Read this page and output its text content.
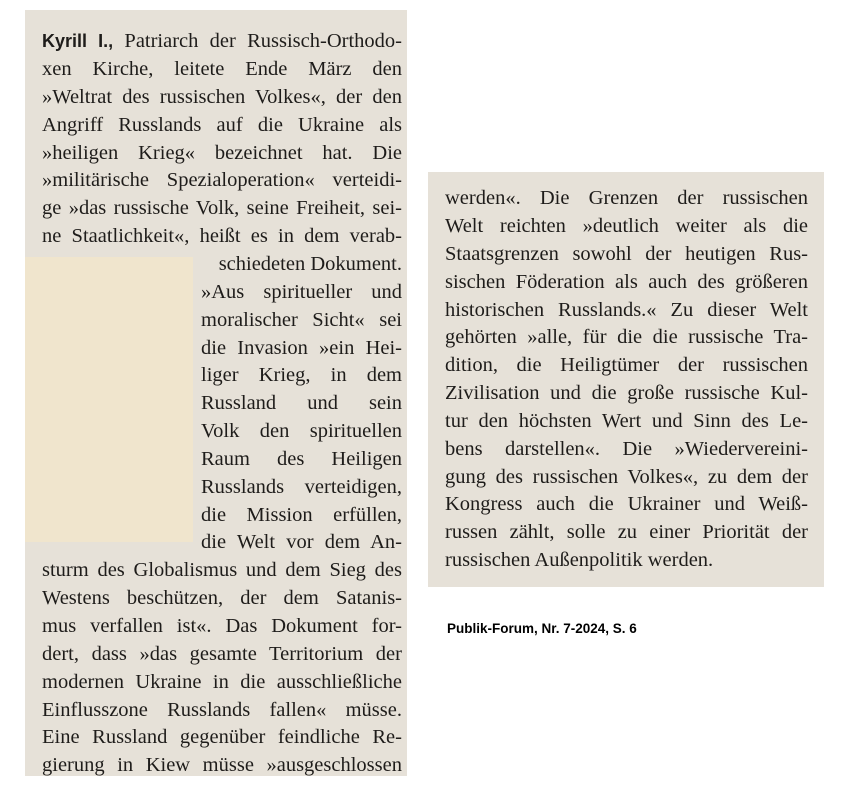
Kyrill I., Patriarch der Russisch-Orthodo-
xen Kirche, leitete Ende März den
»Weltrat des russischen Volkes«, der den
Angriff Russlands auf die Ukraine als
»heiligen Krieg« bezeichnet hat. Die
»militärische Spezialoperation« verteidi-
ge »das russische Volk, seine Freiheit, sei-
ne Staatlichkeit«, heißt es in dem verab-
schiedeten Dokument.
»Aus spiritueller und
moralischer Sicht« sei
die Invasion »ein Hei-
liger Krieg, in dem
Russland und sein
Volk den spirituellen
Raum des Heiligen
Russlands verteidigen,
die Mission erfüllen,
die Welt vor dem An-
sturm des Globalismus und dem Sieg des
Westens beschützen, der dem Satanis-
mus verfallen ist«. Das Dokument for-
dert, dass »das gesamte Territorium der
modernen Ukraine in die ausschließliche
Einflusszone Russlands fallen« müsse.
Eine Russland gegenüber feindliche Re-
gierung in Kiew müsse »ausgeschlossen
werden«. Die Grenzen der russischen
Welt reichten »deutlich weiter als die
Staatsgrenzen sowohl der heutigen Rus-
sischen Föderation als auch des größeren
historischen Russlands.« Zu dieser Welt
gehörten »alle, für die die russische Tra-
dition, die Heiligtümer der russischen
Zivilisation und die große russische Kul-
tur den höchsten Wert und Sinn des Le-
bens darstellen«. Die »Wiedervereini-
gung des russischen Volkes«, zu dem der
Kongress auch die Ukrainer und Weiß-
russen zählt, solle zu einer Priorität der
russischen Außenpolitik werden.
Publik-Forum, Nr. 7-2024, S. 6
